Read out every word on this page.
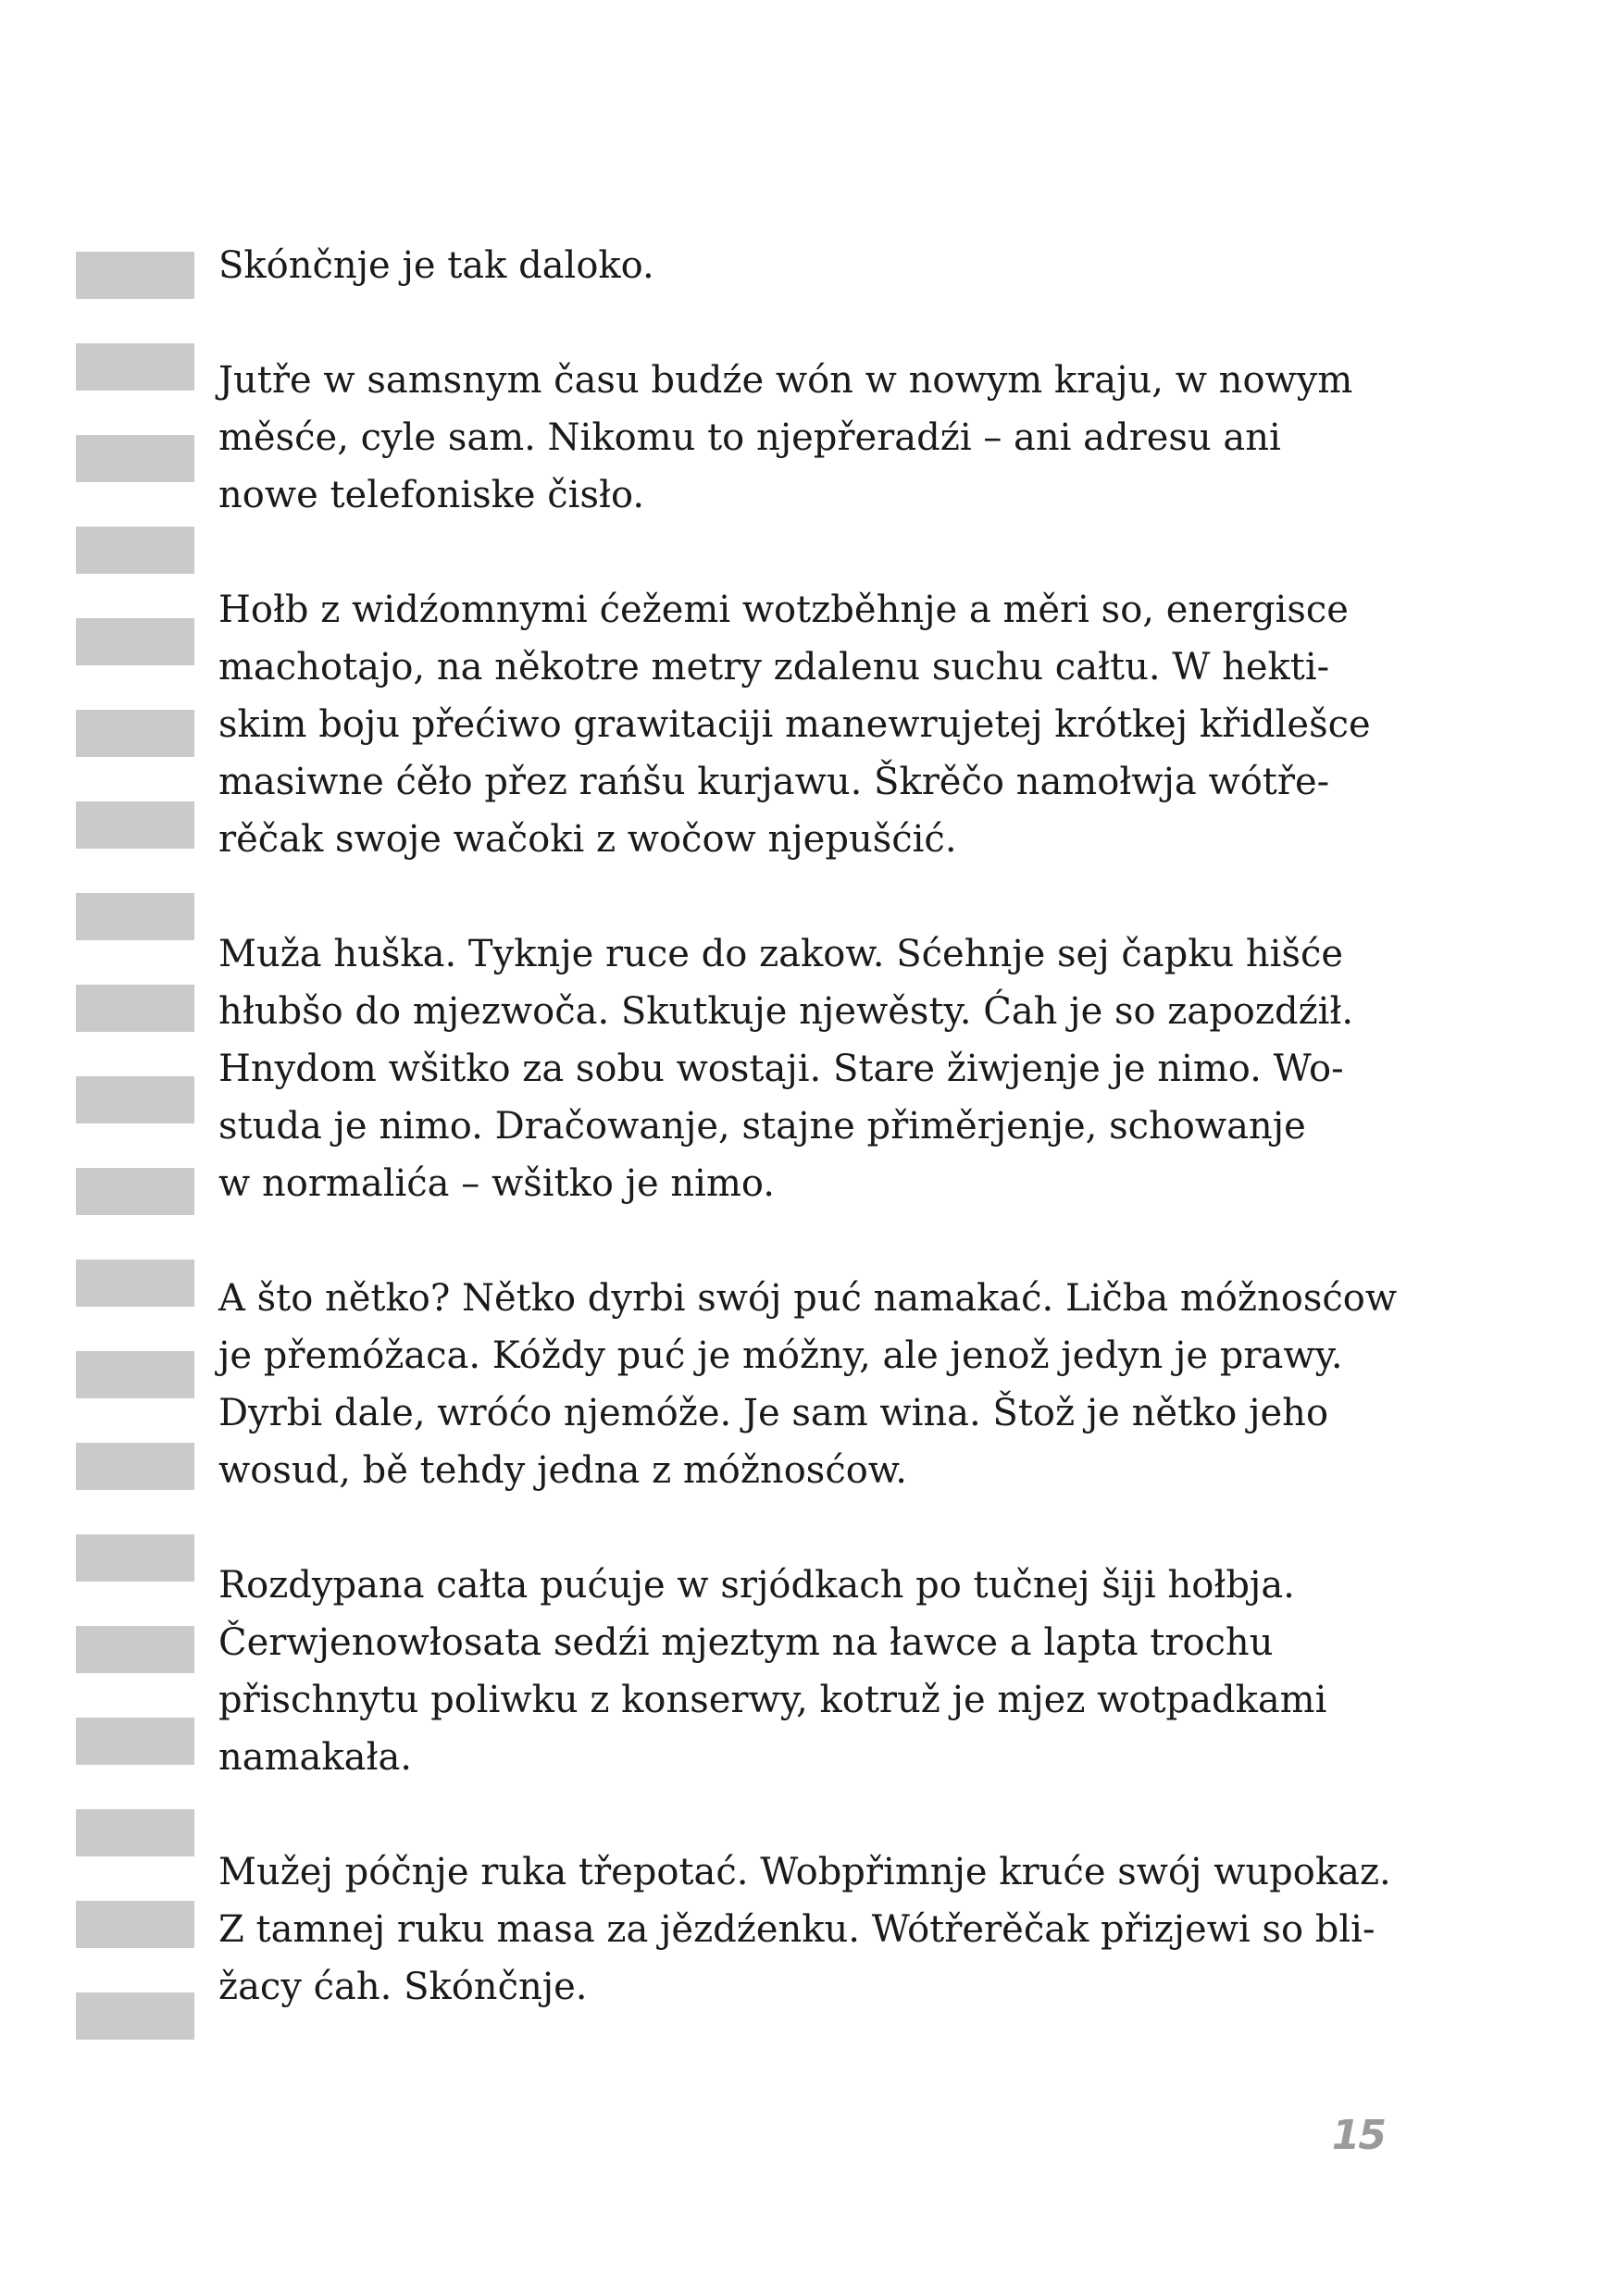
Skónčnje je tak daloko.

Jutře w samsnym času budźe wón w nowym kraju, w nowym
měsće, cyle sam. Nikomu to njepřeradźi – ani adresu ani
nowe telefoniske čisło.

Hołb z widźomnymi ćežemi wotzběhnje a měri so, energisce
machotajo, na někotre metry zdalenu suchu całtu. W hekti-
skim boju přećiwo grawitaciji manewrujetej krótkej křidlešce
masiwne ćěło přez rańšu kurjawu. Škrěčo namołwja wótře-
rěčak swoje wačoki z wočow njepušćić.

Muža huška. Tyknje ruce do zakow. Sćehnje sej čapku hišće
hłubšo do mjezwoča. Skutkuje njewěsty. Ćah je so zapozdźił.
Hnydom wšitko za sobu wostaji. Stare žiwjenje je nimo. Wo-
studa je nimo. Dračowanje, stajne přiměrjenje, schowanje
w normalića – wšitko je nimo.

A što nětko? Nětko dyrbi swój puć namakać. Ličba móžnosćow
je přemóžaca. Kóždy puć je móžny, ale jenož jedyn je prawy.
Dyrbi dale, wróćo njemóže. Je sam wina. Štož je nětko jeho
wosud, bě tehdy jedna z móžnosćow.

Rozdypana całta pućuje w srjódkach po tučnej šiji hołbja.
Čerwjenowłosata sedźi mjeztym na ławce a lapta trochu
přischnytu poliwku z konserwy, kotruž je mjez wotpadkami
namakała.

Mužej póčnje ruka třepotać. Wobpřimnje kruće swój wupokaz.
Z tamnej ruku masa za jězdźenku. Wótřerěčak přizjewi so bli-
žacy ćah. Skónčnje.

15
